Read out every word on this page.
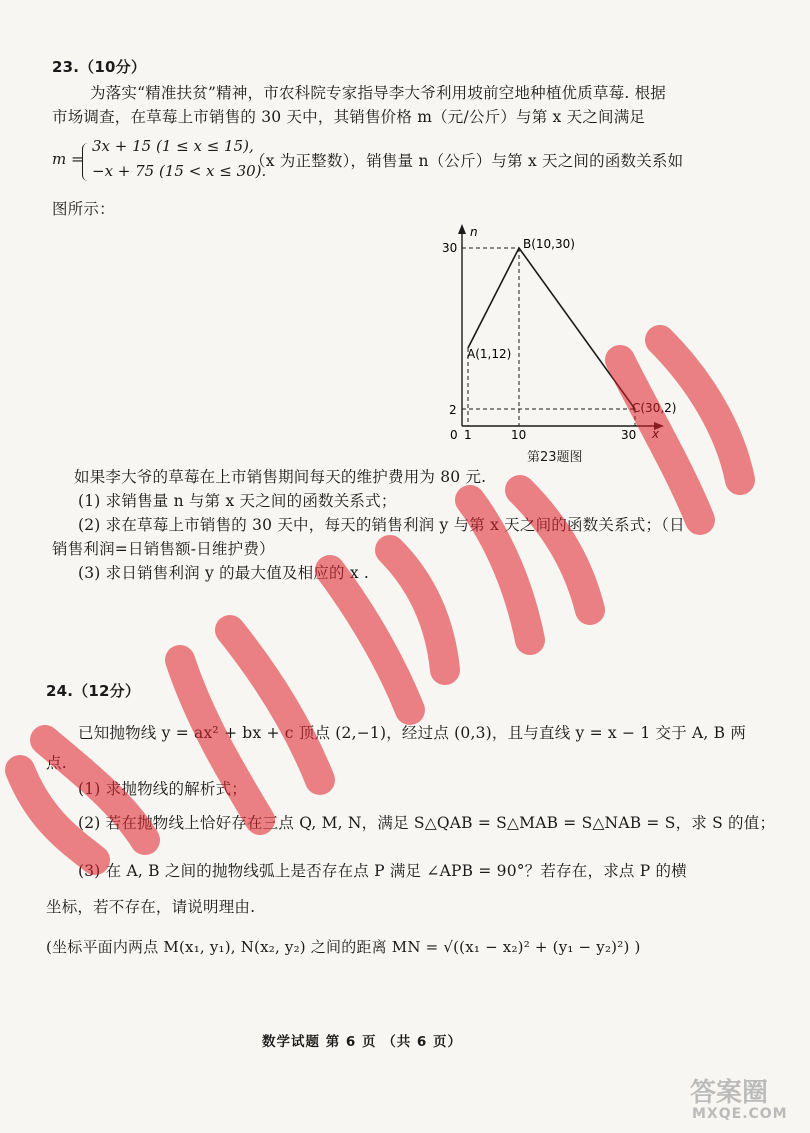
23.（10分）
为落实“精准扶贫”精神，市农科院专家指导李大爷利用坡前空地种植优质草莓. 根据
市场调查，在草莓上市销售的 30 天中，其销售价格 m（元/公斤）与第 x 天之间满足
m =
3x + 15 (1 ≤ x ≤ 15),
−x + 75 (15 < x ≤ 30).
（x 为正整数），销售量 n（公斤）与第 x 天之间的函数关系如
图所示：
n
x
0
30
2
1	10	30
A(1,12)
B(10,30)
C(30,2)
第23题图
如果李大爷的草莓在上市销售期间每天的维护费用为 80 元.
(1) 求销售量 n 与第 x 天之间的函数关系式；
(2) 求在草莓上市销售的 30 天中，每天的销售利润 y 与第 x 天之间的函数关系式；（日
销售利润=日销售额-日维护费）
(3) 求日销售利润 y 的最大值及相应的 x .
24.（12分）
已知抛物线 y = ax² + bx + c 顶点 (2,−1)，经过点 (0,3)，且与直线 y = x − 1 交于 A, B 两
点.
(1) 求抛物线的解析式；
(2) 若在抛物线上恰好存在三点 Q, M, N，满足 S△QAB = S△MAB = S△NAB = S，求 S 的值；
(3) 在 A, B 之间的抛物线弧上是否存在点 P 满足 ∠APB = 90°？若存在，求点 P 的横
坐标，若不存在，请说明理由.
(坐标平面内两点 M(x₁, y₁), N(x₂, y₂) 之间的距离 MN = √((x₁ − x₂)² + (y₁ − y₂)²) )
数学试题 第 6 页 （共 6 页）
答案圈
MXQE.COM
